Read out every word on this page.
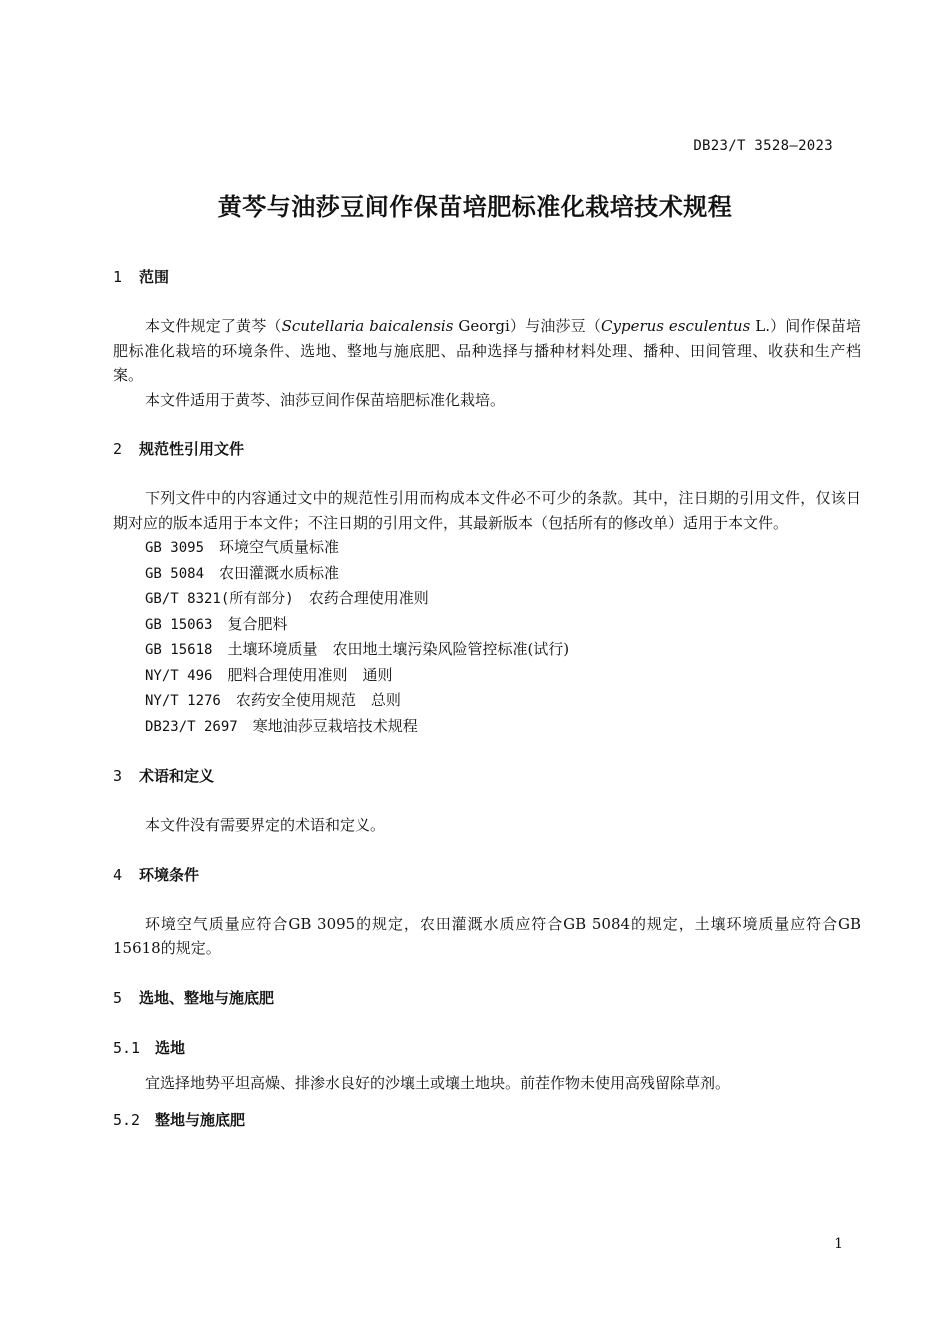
DB23/T 3528—2023
黄芩与油莎豆间作保苗培肥标准化栽培技术规程
1 范围

本文件规定了黄芩（Scutellaria baicalensis Georgi）与油莎豆（Cyperus esculentus L.）间作保苗培肥标准化栽培的环境条件、选地、整地与施底肥、品种选择与播种材料处理、播种、田间管理、收获和生产档案。

本文件适用于黄芩、油莎豆间作保苗培肥标准化栽培。

2 规范性引用文件

下列文件中的内容通过文中的规范性引用而构成本文件必不可少的条款。其中，注日期的引用文件，仅该日期对应的版本适用于本文件；不注日期的引用文件，其最新版本（包括所有的修改单）适用于本文件。

GB 3095　 环境空气质量标准
GB 5084　 农田灌溉水质标准
GB/T 8321(所有部分)　 农药合理使用准则
GB 15063　 复合肥料
GB 15618　 土壤环境质量　农田地土壤污染风险管控标准(试行)
NY/T 496　 肥料合理使用准则　通则
NY/T 1276　 农药安全使用规范　总则
DB23/T 2697　 寒地油莎豆栽培技术规程
3 术语和定义

本文件没有需要界定的术语和定义。

4 环境条件

环境空气质量应符合GB 3095的规定，农田灌溉水质应符合GB 5084的规定，土壤环境质量应符合GB 15618的规定。

5 选地、整地与施底肥
5.1 选地

宜选择地势平坦高燥、排渗水良好的沙壤土或壤土地块。前茬作物未使用高残留除草剂。

5.2 整地与施底肥
1
